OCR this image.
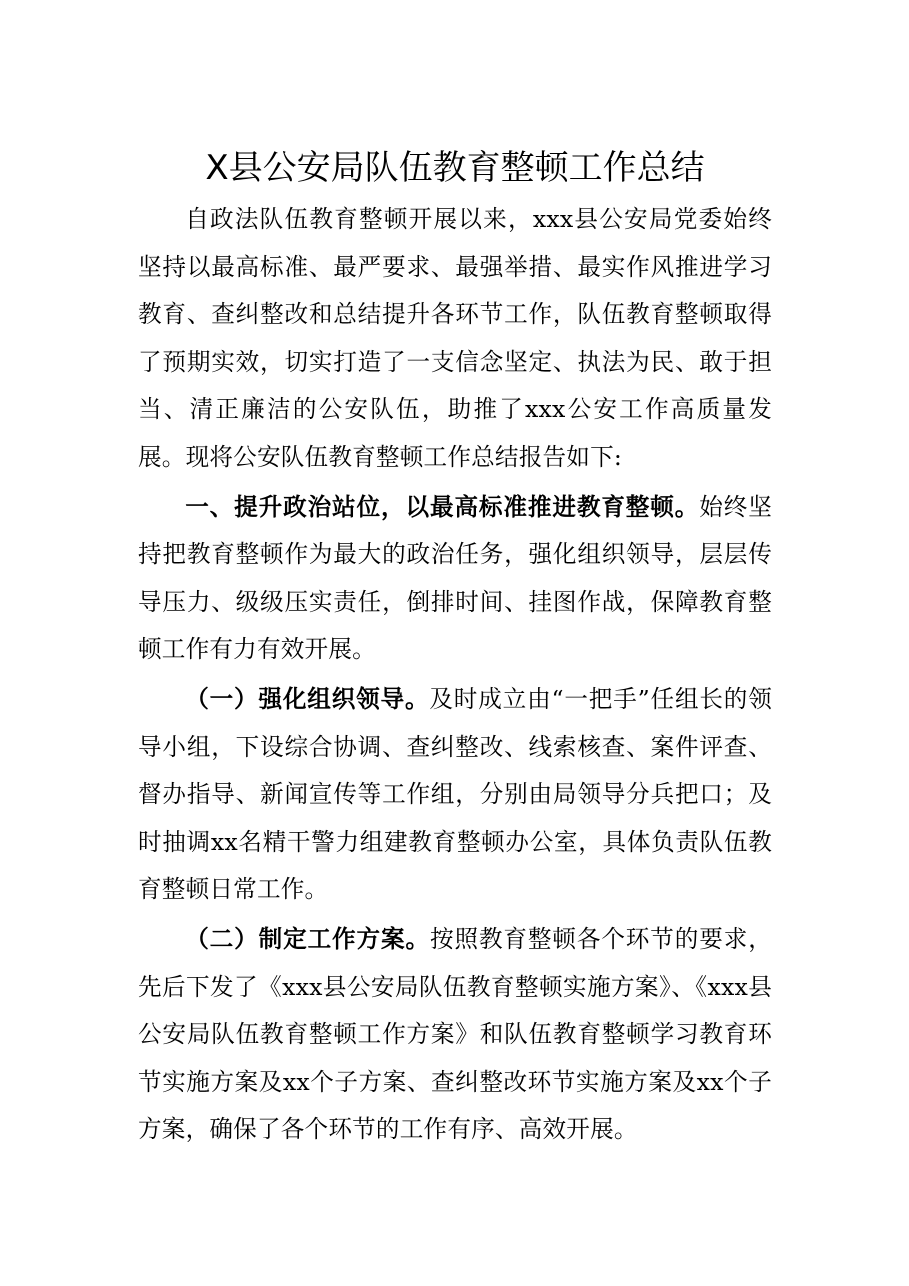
X县公安局队伍教育整顿工作总结

自政法队伍教育整顿开展以来，xxx县公安局党委始终坚持以最高标准、最严要求、最强举措、最实作风推进学习教育、查纠整改和总结提升各环节工作，队伍教育整顿取得了预期实效，切实打造了一支信念坚定、执法为民、敢于担当、清正廉洁的公安队伍，助推了xxx公安工作高质量发展。现将公安队伍教育整顿工作总结报告如下:

一、提升政治站位，以最高标准推进教育整顿。始终坚持把教育整顿作为最大的政治任务，强化组织领导，层层传导压力、级级压实责任，倒排时间、挂图作战，保障教育整顿工作有力有效开展。

（一）强化组织领导。及时成立由“一把手”任组长的领导小组，下设综合协调、查纠整改、线索核查、案件评查、督办指导、新闻宣传等工作组，分别由局领导分兵把口；及时抽调xx名精干警力组建教育整顿办公室，具体负责队伍教育整顿日常工作。

（二）制定工作方案。按照教育整顿各个环节的要求，先后下发了《xxx县公安局队伍教育整顿实施方案》、《xxx县公安局队伍教育整顿工作方案》和队伍教育整顿学习教育环节实施方案及xx个子方案、查纠整改环节实施方案及xx个子方案，确保了各个环节的工作有序、高效开展。
